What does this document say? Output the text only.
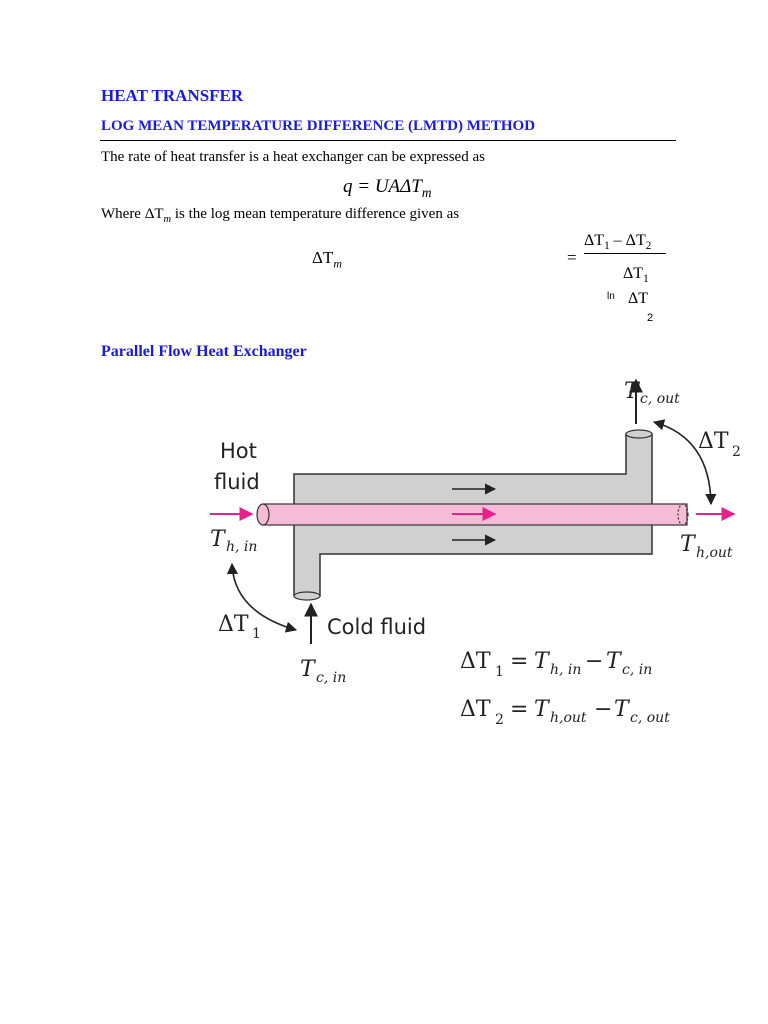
HEAT TRANSFER
LOG MEAN TEMPERATURE DIFFERENCE (LMTD) METHOD
The rate of heat transfer is a heat exchanger can be expressed as
$q = UA\Delta T_m$
Where $\Delta T_m$ is the log mean temperature difference given as
$\Delta T_m$	=
$\Delta T_1 - \Delta T_2$
$\Delta T_1$
ln ΔT
2
Parallel Flow Heat Exchanger
Hot
fluid
T h, in
T c, out
ΔT 2
T h,out
ΔT 1	Cold fluid
T c, in
ΔT 1 = T h, in − T c, in
ΔT 2 = T h,out − T c, out
